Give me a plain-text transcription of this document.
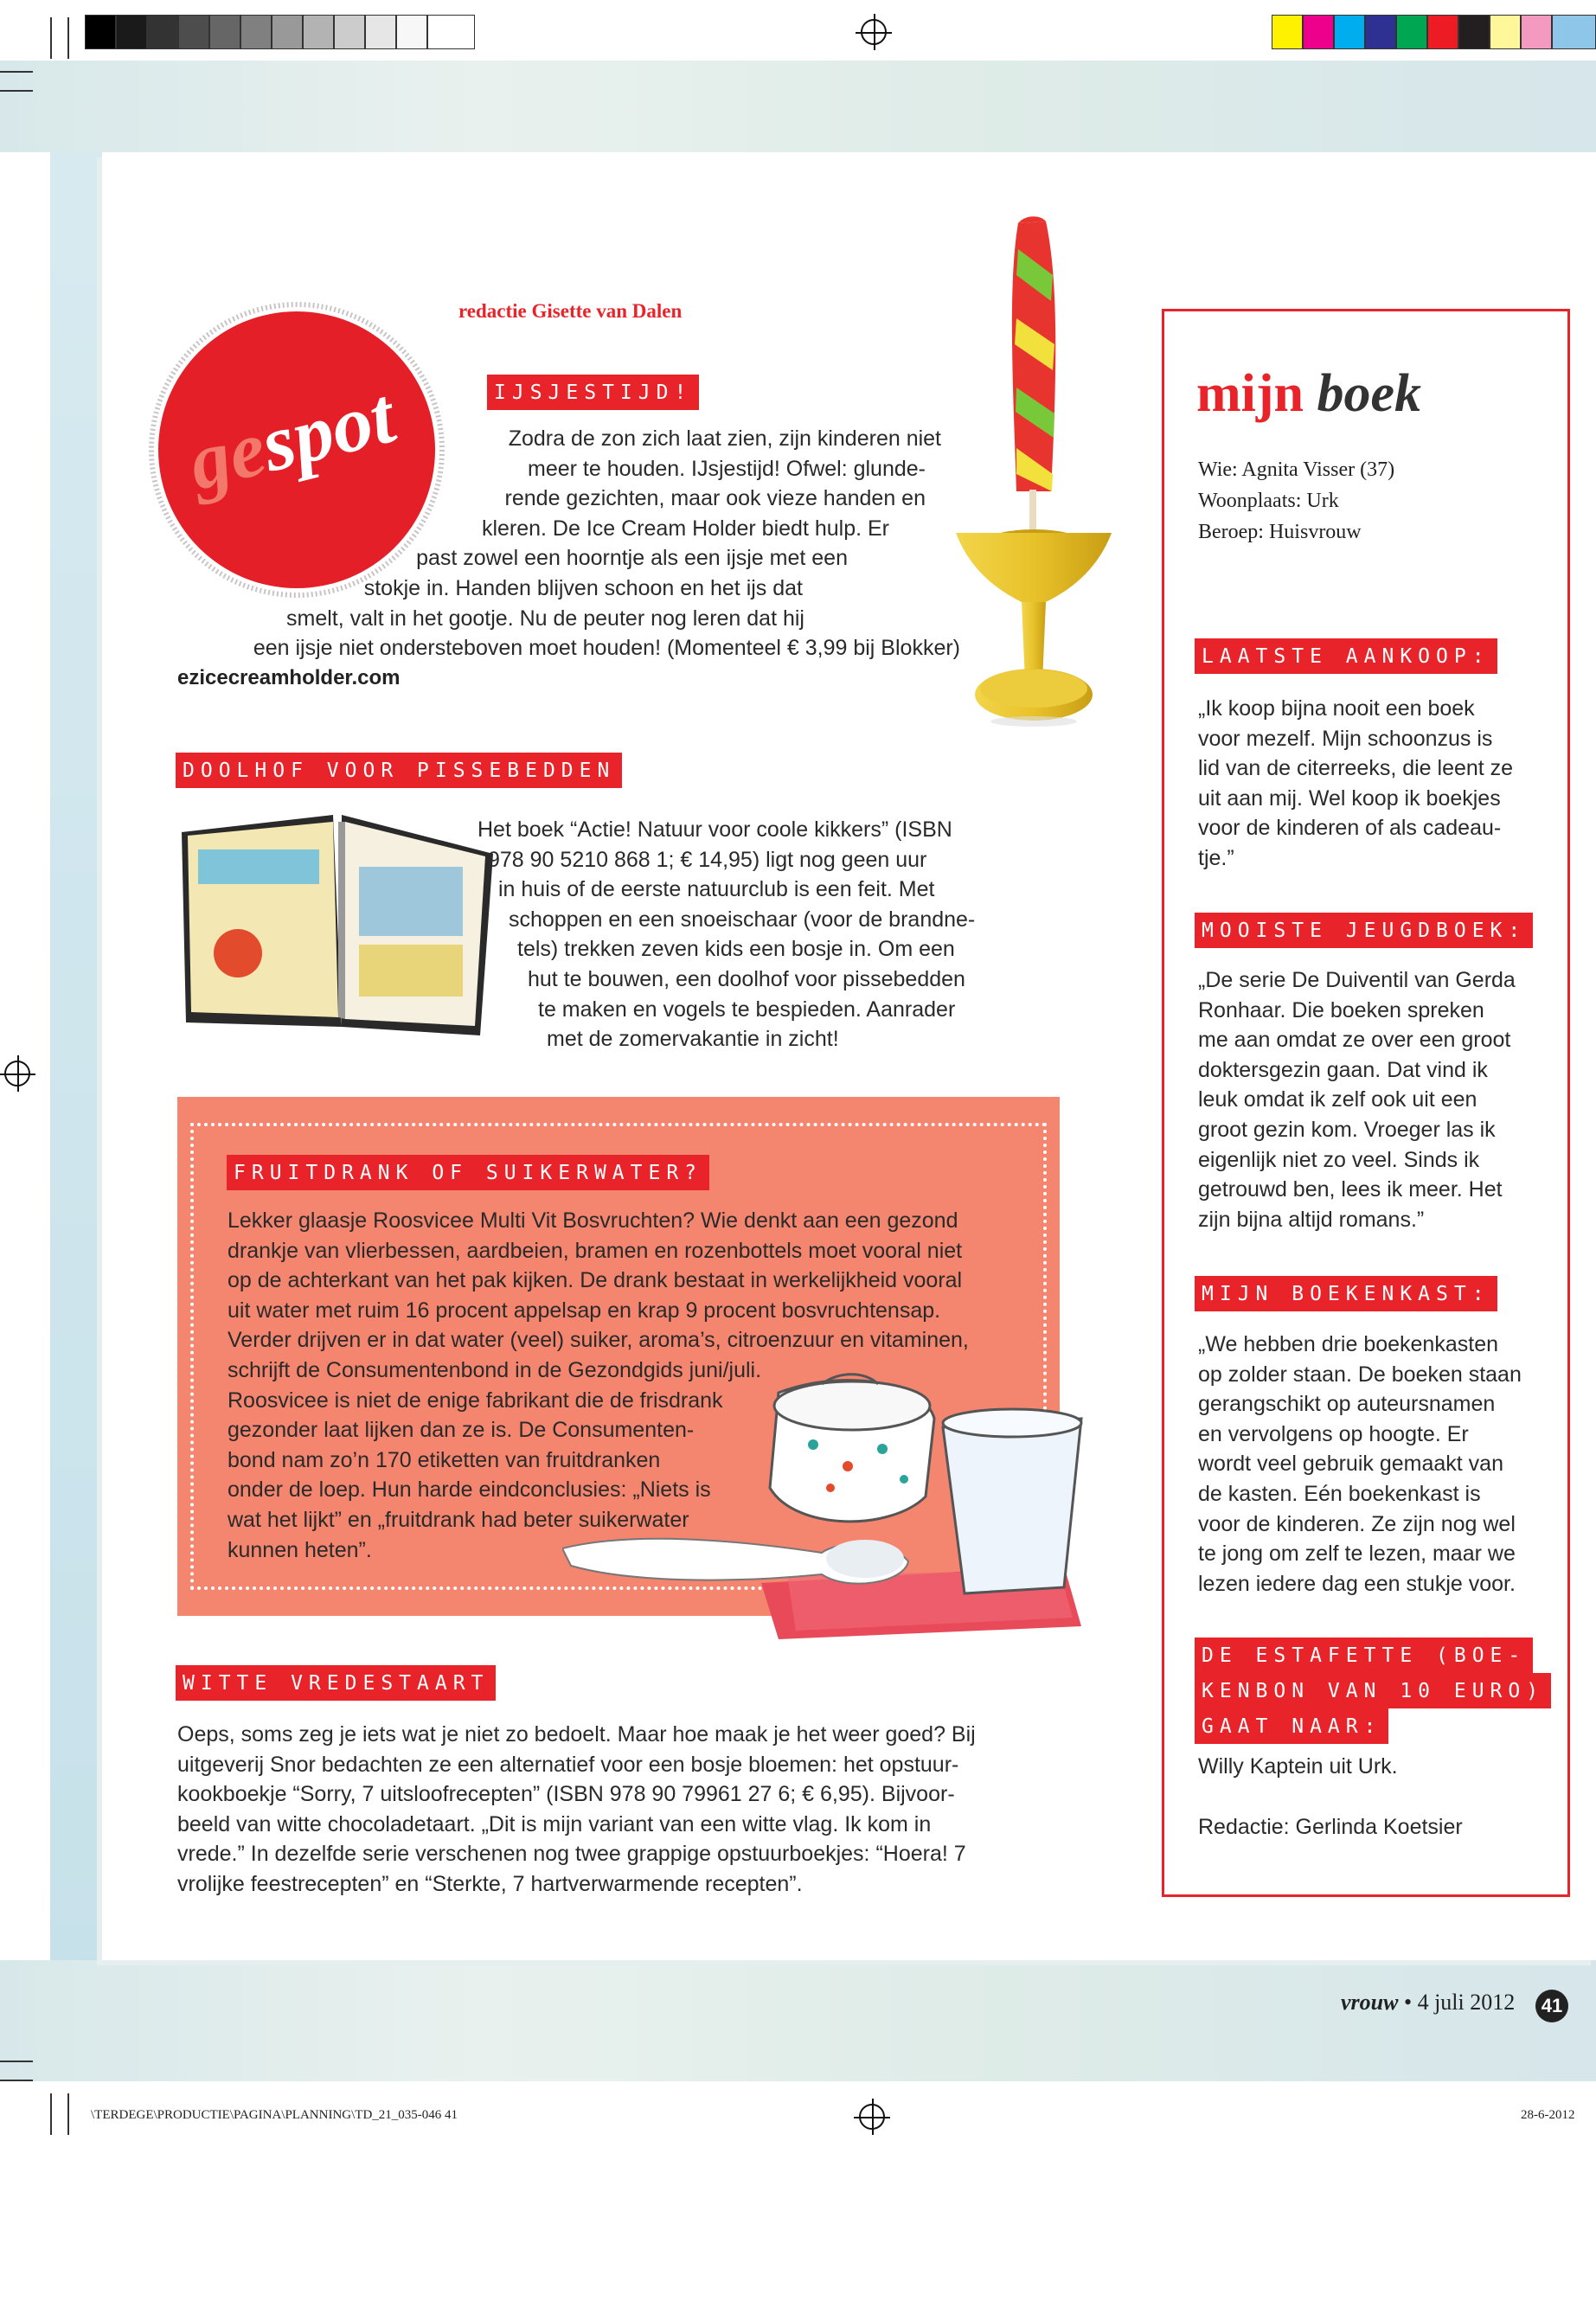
gespot
redactie Gisette van Dalen
IJSJESTIJD!
Zodra de zon zich laat zien, zijn kinderen niet
meer te houden. IJsjestijd! Ofwel: glunde-
rende gezichten, maar ook vieze handen en
kleren. De Ice Cream Holder biedt hulp. Er
past zowel een hoorntje als een ijsje met een
stokje in. Handen blijven schoon en het ijs dat
smelt, valt in het gootje. Nu de peuter nog leren dat hij
een ijsje niet ondersteboven moet houden! (Momenteel € 3,99 bij Blokker)
ezicecreamholder.com
DOOLHOF VOOR PISSEBEDDEN
Het boek “Actie! Natuur voor coole kikkers” (ISBN
978 90 5210 868 1; € 14,95) ligt nog geen uur
in huis of de eerste natuurclub is een feit. Met
schoppen en een snoeischaar (voor de brandne-
tels) trekken zeven kids een bosje in. Om een
hut te bouwen, een doolhof voor pissebedden
te maken en vogels te bespieden. Aanrader
met de zomervakantie in zicht!
FRUITDRANK OF SUIKERWATER?
Lekker glaasje Roosvicee Multi Vit Bosvruchten? Wie denkt aan een gezond
drankje van vlierbessen, aardbeien, bramen en rozenbottels moet vooral niet
op de achterkant van het pak kijken. De drank bestaat in werkelijkheid vooral
uit water met ruim 16 procent appelsap en krap 9 procent bosvruchtensap.
Verder drijven er in dat water (veel) suiker, aroma’s, citroenzuur en vitaminen,
schrijft de Consumentenbond in de Gezondgids juni/juli.
Roosvicee is niet de enige fabrikant die de frisdrank
gezonder laat lijken dan ze is. De Consumenten-
bond nam zo’n 170 etiketten van fruitdranken
onder de loep. Hun harde eindconclusies: „Niets is
wat het lijkt” en „fruitdrank had beter suikerwater
kunnen heten”.
WITTE VREDESTAART
Oeps, soms zeg je iets wat je niet zo bedoelt. Maar hoe maak je het weer goed? Bij
uitgeverij Snor bedachten ze een alternatief voor een bosje bloemen: het opstuur-
kookboekje “Sorry, 7 uitsloofrecepten” (ISBN 978 90 79961 27 6; € 6,95). Bijvoor-
beeld van witte chocoladetaart. „Dit is mijn variant van een witte vlag. Ik kom in
vrede.” In dezelfde serie verschenen nog twee grappige opstuurboekjes: “Hoera! 7
vrolijke feestrecepten” en “Sterkte, 7 hartverwarmende recepten”.
mijn boek
Wie: Agnita Visser (37)
Woonplaats: Urk
Beroep: Huisvrouw
LAATSTE AANKOOP:
„Ik koop bijna nooit een boek
voor mezelf. Mijn schoonzus is
lid van de citerreeks, die leent ze
uit aan mij. Wel koop ik boekjes
voor de kinderen of als cadeau-
tje.”
MOOISTE JEUGDBOEK:
„De serie De Duiventil van Gerda
Ronhaar. Die boeken spreken
me aan omdat ze over een groot
doktersgezin gaan. Dat vind ik
leuk omdat ik zelf ook uit een
groot gezin kom. Vroeger las ik
eigenlijk niet zo veel. Sinds ik
getrouwd ben, lees ik meer. Het
zijn bijna altijd romans.”
MIJN BOEKENKAST:
„We hebben drie boekenkasten
op zolder staan. De boeken staan
gerangschikt op auteursnamen
en vervolgens op hoogte. Er
wordt veel gebruik gemaakt van
de kasten. Eén boekenkast is
voor de kinderen. Ze zijn nog wel
te jong om zelf te lezen, maar we
lezen iedere dag een stukje voor.
DE ESTAFETTE (BOE-
KENBON VAN 10 EURO)
GAAT NAAR:
Willy Kaptein uit Urk.
Redactie: Gerlinda Koetsier
vrouw • 4 juli 2012	41
\TERDEGE\PRODUCTIE\PAGINA\PLANNING\TD_21_035-046 41	28-6-2012
